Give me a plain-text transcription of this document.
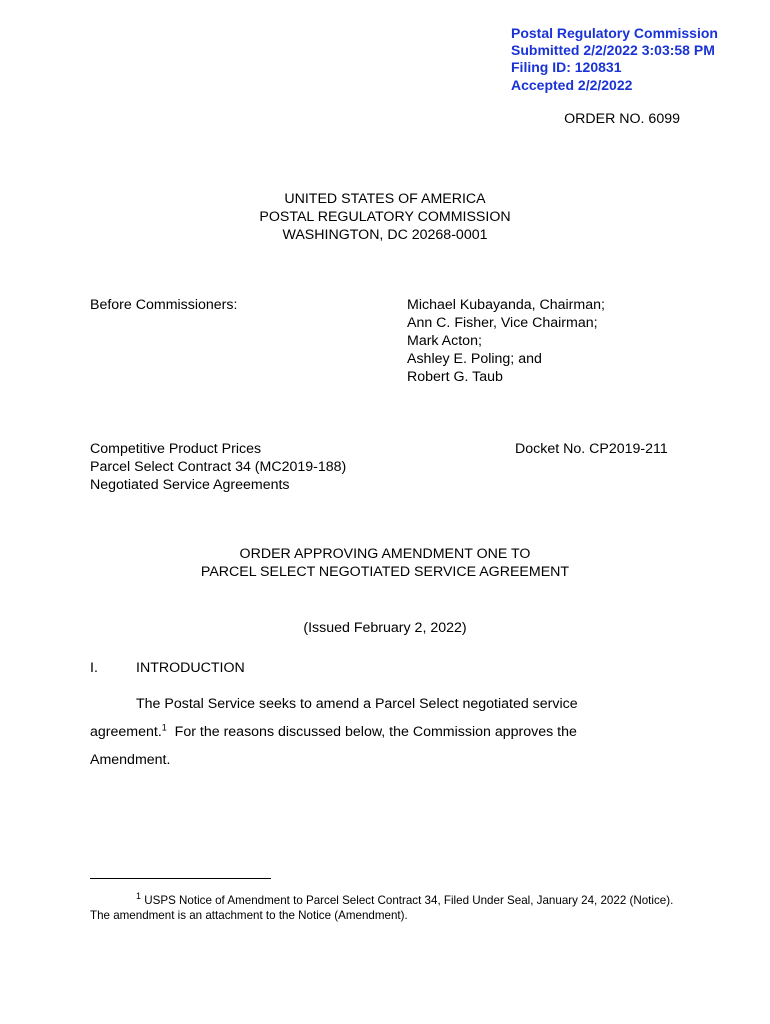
Postal Regulatory Commission
Submitted 2/2/2022 3:03:58 PM
Filing ID: 120831
Accepted 2/2/2022
ORDER NO. 6099
UNITED STATES OF AMERICA
POSTAL REGULATORY COMMISSION
WASHINGTON, DC 20268-0001
Before Commissioners:	Michael Kubayanda, Chairman;
Ann C. Fisher, Vice Chairman;
Mark Acton;
Ashley E. Poling; and
Robert G. Taub
Competitive Product Prices
Parcel Select Contract 34 (MC2019-188)
Negotiated Service Agreements
Docket No. CP2019-211
ORDER APPROVING AMENDMENT ONE TO
PARCEL SELECT NEGOTIATED SERVICE AGREEMENT
(Issued February 2, 2022)
I.	INTRODUCTION
The Postal Service seeks to amend a Parcel Select negotiated service agreement.$^1$  For the reasons discussed below, the Commission approves the Amendment.
$^1$ USPS Notice of Amendment to Parcel Select Contract 34, Filed Under Seal, January 24, 2022 (Notice).  The amendment is an attachment to the Notice (Amendment).
